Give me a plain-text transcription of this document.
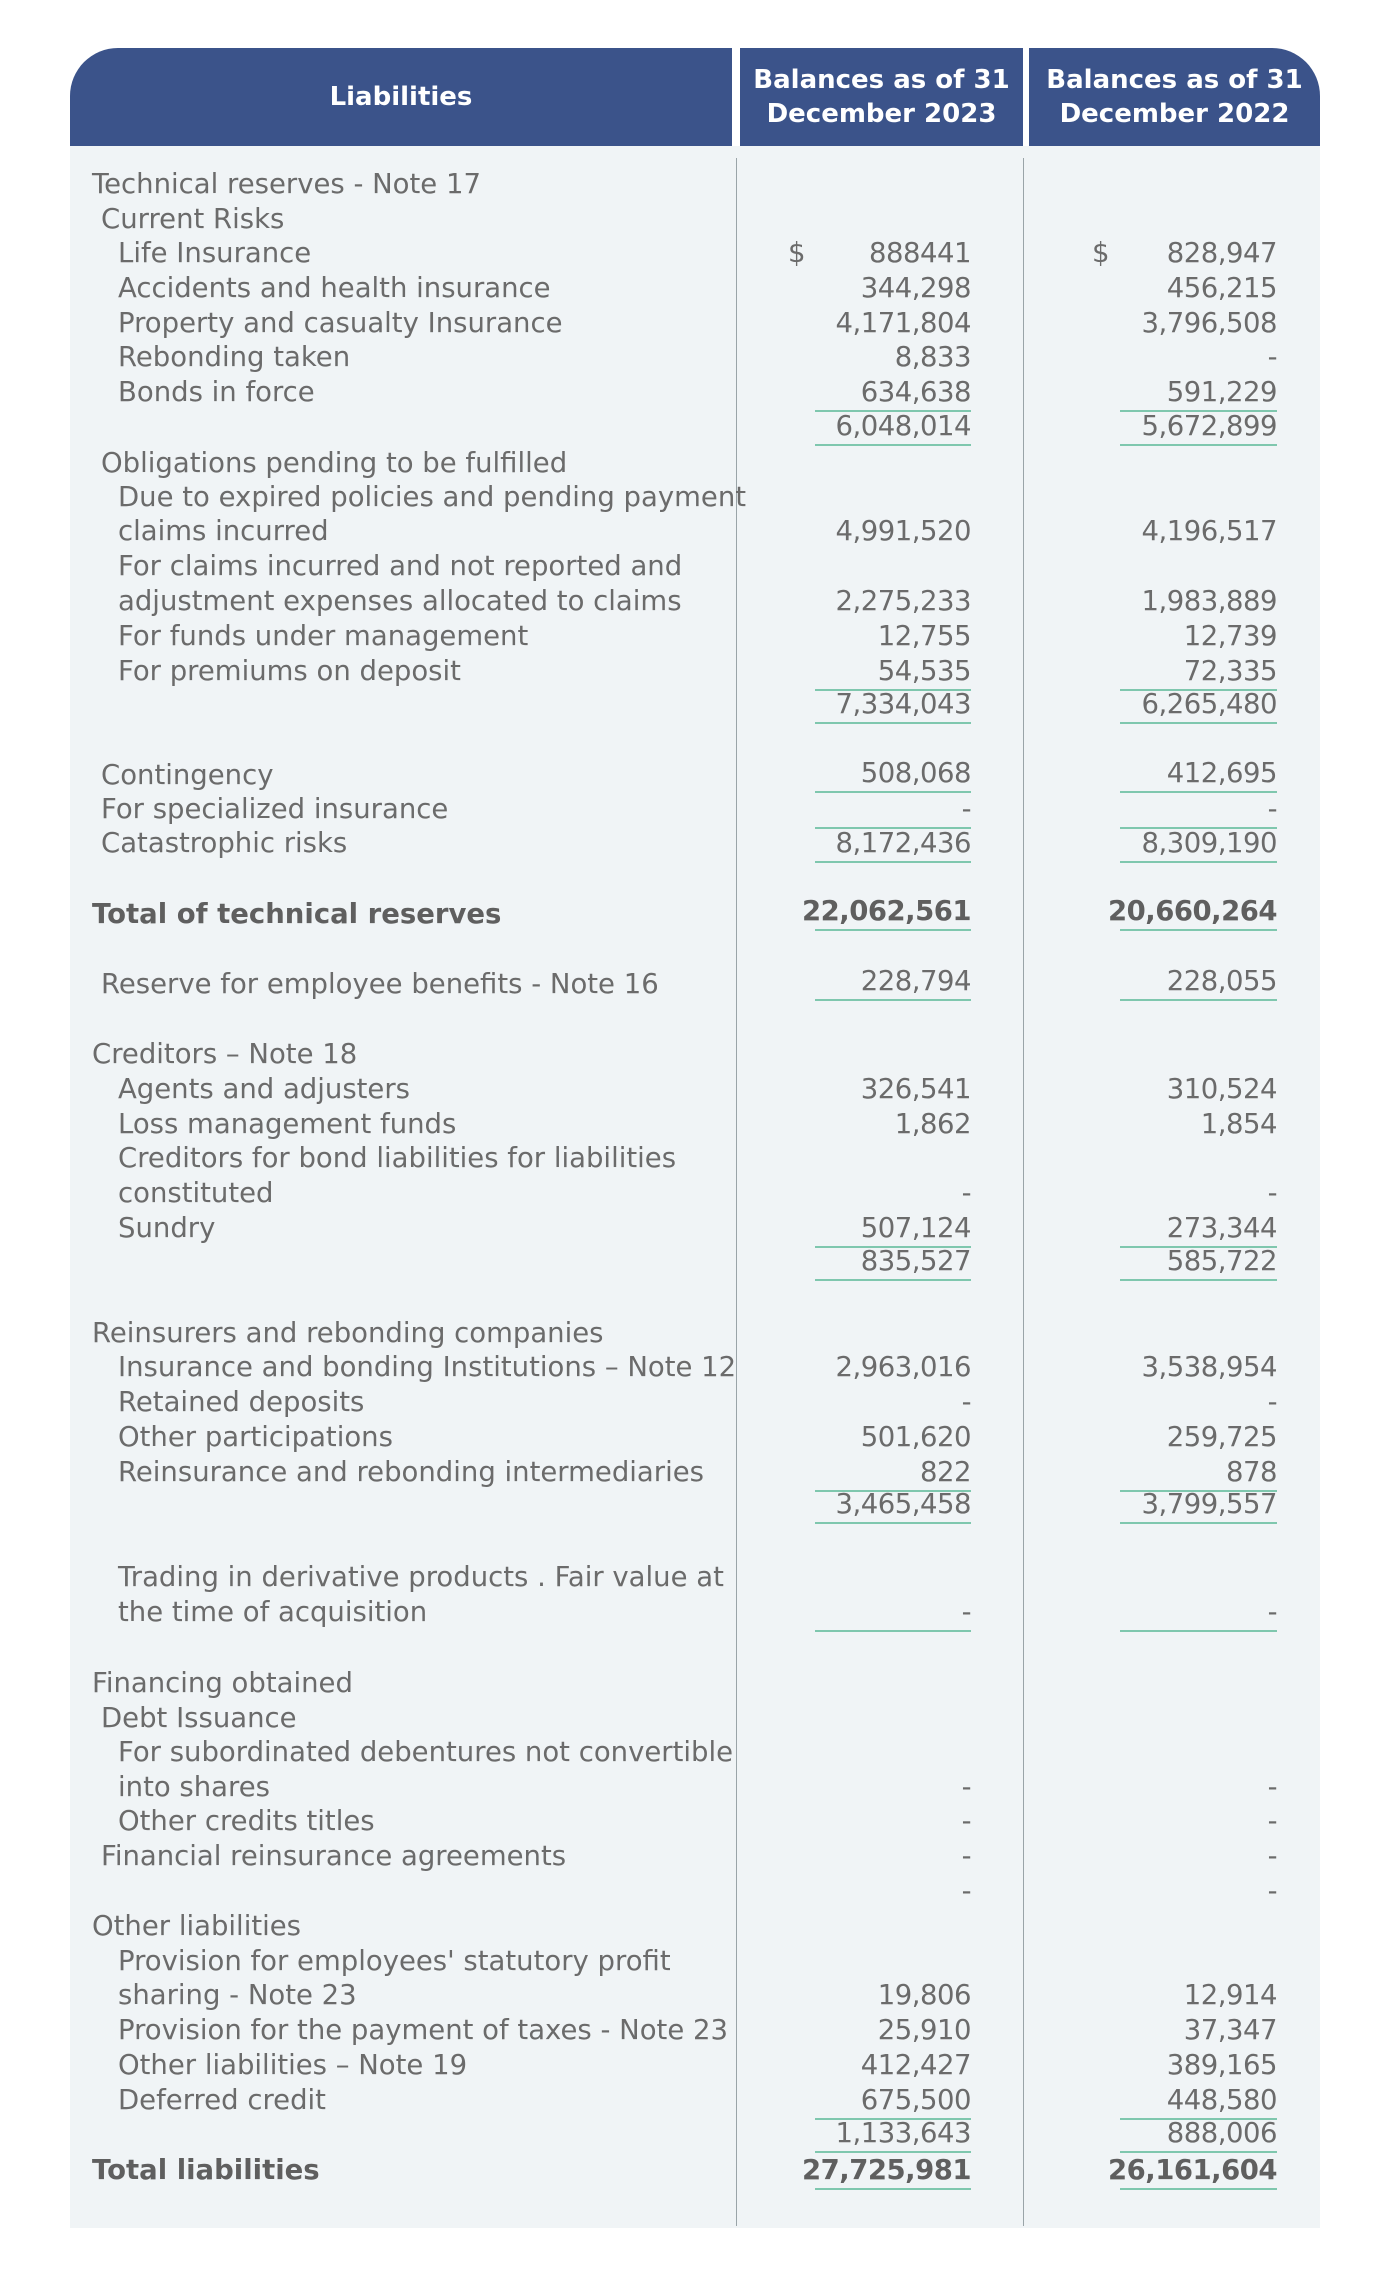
Liabilities
Balances as of 31 December 2023
Balances as of 31 December 2022
Technical reserves - Note 17
Current Risks
Life Insurance	888441	828,947
Accidents and health insurance	344,298	456,215
Property and casualty Insurance	4,171,804	3,796,508
Rebonding taken	8,833	-
Bonds in force	634,638	591,229
6,048,014	5,672,899
Obligations pending to be fulfilled
Due to expired policies and pending payment
claims incurred	4,991,520	4,196,517
For claims incurred and not reported and
adjustment expenses allocated to claims	2,275,233	1,983,889
For funds under management	12,755	12,739
For premiums on deposit	54,535	72,335
7,334,043	6,265,480
Contingency	508,068	412,695
For specialized insurance	-	-
Catastrophic risks	8,172,436	8,309,190
Total of technical reserves	22,062,561	20,660,264
Reserve for employee benefits - Note 16	228,794	228,055
Creditors – Note 18
Agents and adjusters	326,541	310,524
Loss management funds	1,862	1,854
Creditors for bond liabilities for liabilities
constituted	-	-
Sundry	507,124	273,344
835,527	585,722
Reinsurers and rebonding companies
Insurance and bonding Institutions – Note 12	2,963,016	3,538,954
Retained deposits	-	-
Other participations	501,620	259,725
Reinsurance and rebonding intermediaries	822	878
3,465,458	3,799,557
Trading in derivative products . Fair value at
the time of acquisition	-	-
Financing obtained
Debt Issuance
For subordinated debentures not convertible
into shares	-	-
Other credits titles	-	-
Financial reinsurance agreements	-	-
-	-
Other liabilities
Provision for employees' statutory profit
sharing - Note 23	19,806	12,914
Provision for the payment of taxes - Note 23	25,910	37,347
Other liabilities – Note 19	412,427	389,165
Deferred credit	675,500	448,580
1,133,643	888,006
Total liabilities	27,725,981	26,161,604
$	$
